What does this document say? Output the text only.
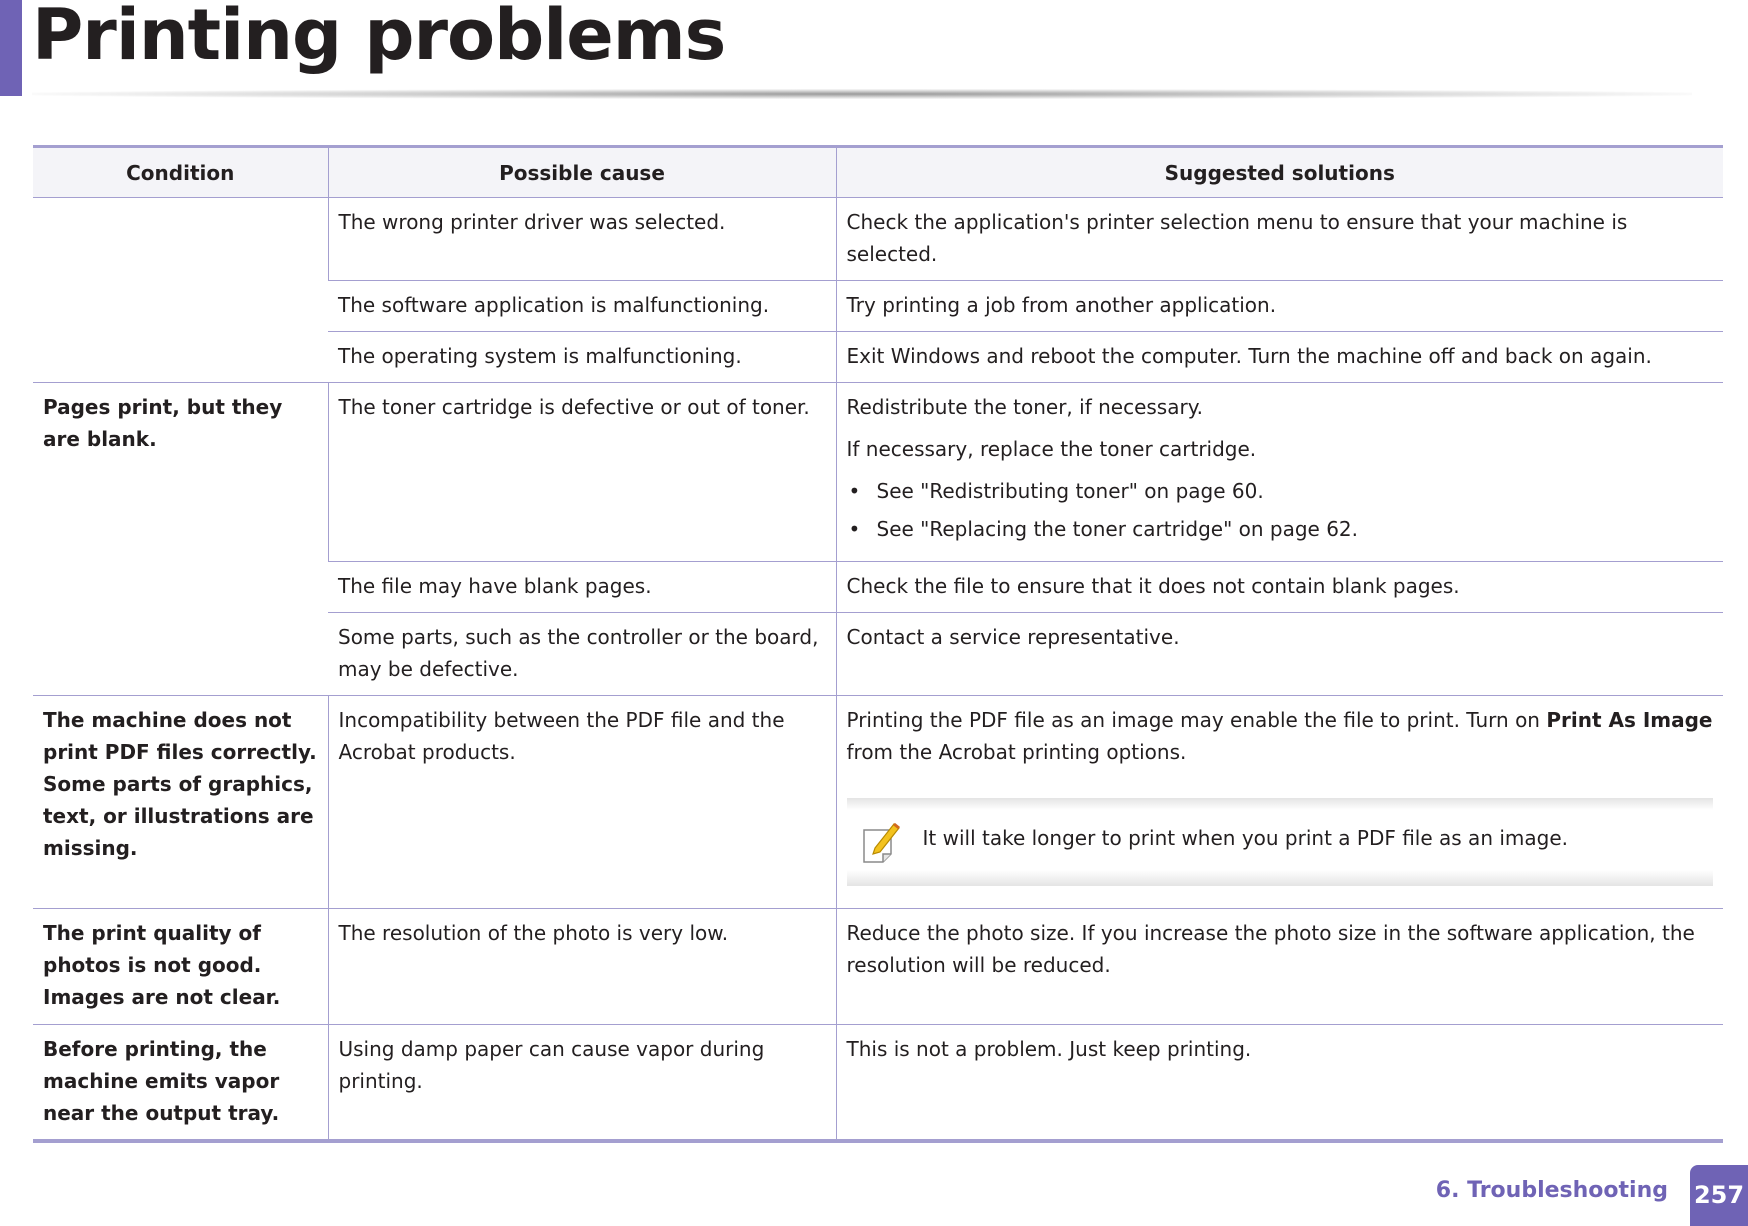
Printing problems
Condition	Possible cause	Suggested solutions
	The wrong printer driver was selected.	Check the application's printer selection menu to ensure that your machine is selected.
	The software application is malfunctioning.	Try printing a job from another application.
	The operating system is malfunctioning.	Exit Windows and reboot the computer. Turn the machine off and back on again.
Pages print, but they are blank.	The toner cartridge is defective or out of toner.	Redistribute the toner, if necessary.
If necessary, replace the toner cartridge.
• See "Redistributing toner" on page 60.
• See "Replacing the toner cartridge" on page 62.

	The file may have blank pages.	Check the file to ensure that it does not contain blank pages.
	Some parts, such as the controller or the board, may be defective.	Contact a service representative.
The machine does not print PDF files correctly. Some parts of graphics, text, or illustrations are missing.	Incompatibility between the PDF file and the Acrobat products.	Printing the PDF file as an image may enable the file to print. Turn on Print As Image from the Acrobat printing options.
It will take longer to print when you print a PDF file as an image.

The print quality of photos is not good. Images are not clear.	The resolution of the photo is very low.	Reduce the photo size. If you increase the photo size in the software application, the resolution will be reduced.
Before printing, the machine emits vapor near the output tray.	Using damp paper can cause vapor during printing.	This is not a problem. Just keep printing.
6. Troubleshooting 257
